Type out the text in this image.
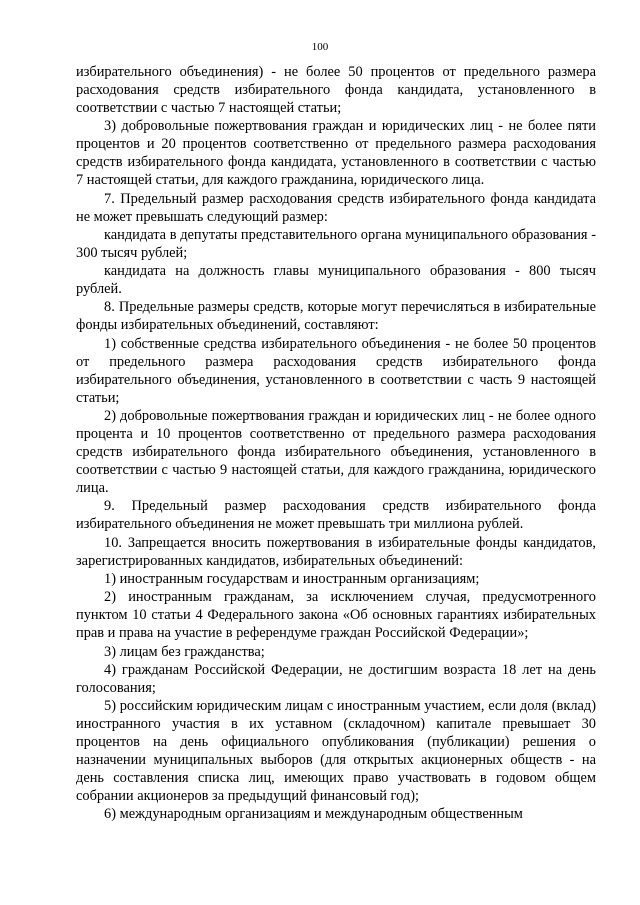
100

избирательного объединения) - не более 50 процентов от предельного размера расходования средств избирательного фонда кандидата, установленного в соответствии с частью 7 настоящей статьи;

3) добровольные пожертвования граждан и юридических лиц - не более пяти процентов и 20 процентов соответственно от предельного размера расходования средств избирательного фонда кандидата, установленного в соответствии с частью 7 настоящей статьи, для каждого гражданина, юридического лица.

7. Предельный размер расходования средств избирательного фонда кандидата не может превышать следующий размер:

кандидата в депутаты представительного органа муниципального образования - 300 тысяч рублей;

кандидата на должность главы муниципального образования - 800 тысяч рублей.

8. Предельные размеры средств, которые могут перечисляться в избирательные фонды избирательных объединений, составляют:

1) собственные средства избирательного объединения - не более 50 процентов от предельного размера расходования средств избирательного фонда избирательного объединения, установленного в соответствии с часть 9 настоящей статьи;

2) добровольные пожертвования граждан и юридических лиц - не более одного процента и 10 процентов соответственно от предельного размера расходования средств избирательного фонда избирательного объединения, установленного в соответствии с частью 9 настоящей статьи, для каждого гражданина, юридического лица.

9. Предельный размер расходования средств избирательного фонда избирательного объединения не может превышать три миллиона рублей.

10. Запрещается вносить пожертвования в избирательные фонды кандидатов, зарегистрированных кандидатов, избирательных объединений:

1) иностранным государствам и иностранным организациям;

2) иностранным гражданам, за исключением случая, предусмотренного пунктом 10 статьи 4 Федерального закона «Об основных гарантиях избирательных прав и права на участие в референдуме граждан Российской Федерации»;

3) лицам без гражданства;

4) гражданам Российской Федерации, не достигшим возраста 18 лет на день голосования;

5) российским юридическим лицам с иностранным участием, если доля (вклад) иностранного участия в их уставном (складочном) капитале превышает 30 процентов на день официального опубликования (публикации) решения о назначении муниципальных выборов (для открытых акционерных обществ - на день составления списка лиц, имеющих право участвовать в годовом общем собрании акционеров за предыдущий финансовый год);

6) международным организациям и международным общественным
